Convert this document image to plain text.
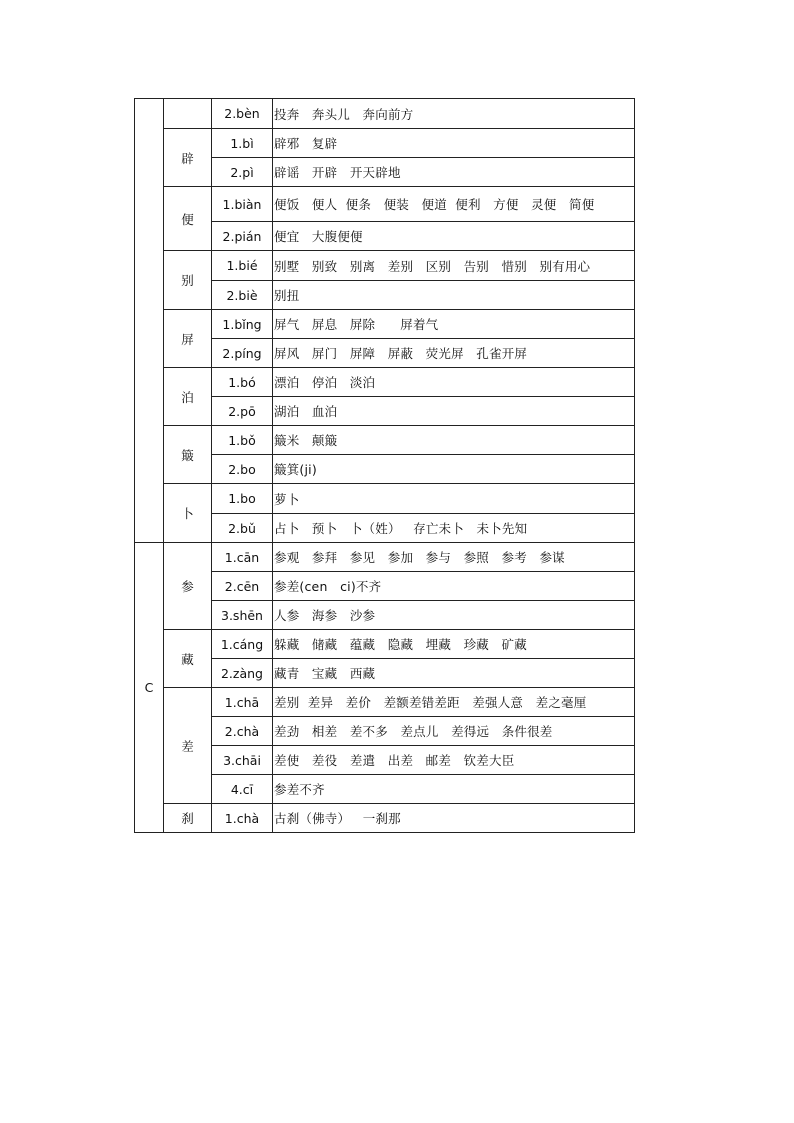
		2.bèn	投奔   奔头儿   奔向前方
	辟	1.bì	辟邪   复辟
		2.pì	辟谣   开辟   开天辟地
	便	1.biàn	便饭   便人  便条   便装   便道  便利   方便   灵便   简便
		2.pián	便宜   大腹便便
	别	1.bié	别墅   别致   别离   差别   区别   告别   惜别   别有用心
		2.biè	别扭
	屏	1.bǐng	屏气   屏息   屏除      屏着气
		2.píng	屏风   屏门   屏障   屏蔽   荧光屏   孔雀开屏
	泊	1.bó	漂泊   停泊   淡泊
		2.pō	湖泊   血泊
	簸	1.bǒ	簸米   颠簸
		2.bo	簸箕(ji)
	卜	1.bo	萝卜
		2.bǔ	占卜   预卜   卜（姓）   存亡未卜   未卜先知
C	参	1.cān	参观   参拜   参见   参加   参与   参照   参考   参谋
		2.cēn	参差(cen   ci)不齐
		3.shēn	人参   海参   沙参
	藏	1.cáng	躲藏   储藏   蕴藏   隐藏   埋藏   珍藏   矿藏
		2.zàng	藏青   宝藏   西藏
	差	1.chā	差别  差异   差价   差额差错差距   差强人意   差之毫厘
		2.chà	差劲   相差   差不多   差点儿   差得远   条件很差
		3.chāi	差使   差役   差遣   出差   邮差   钦差大臣
		4.cī	参差不齐
	刹	1.chà	古刹（佛寺）   一刹那
